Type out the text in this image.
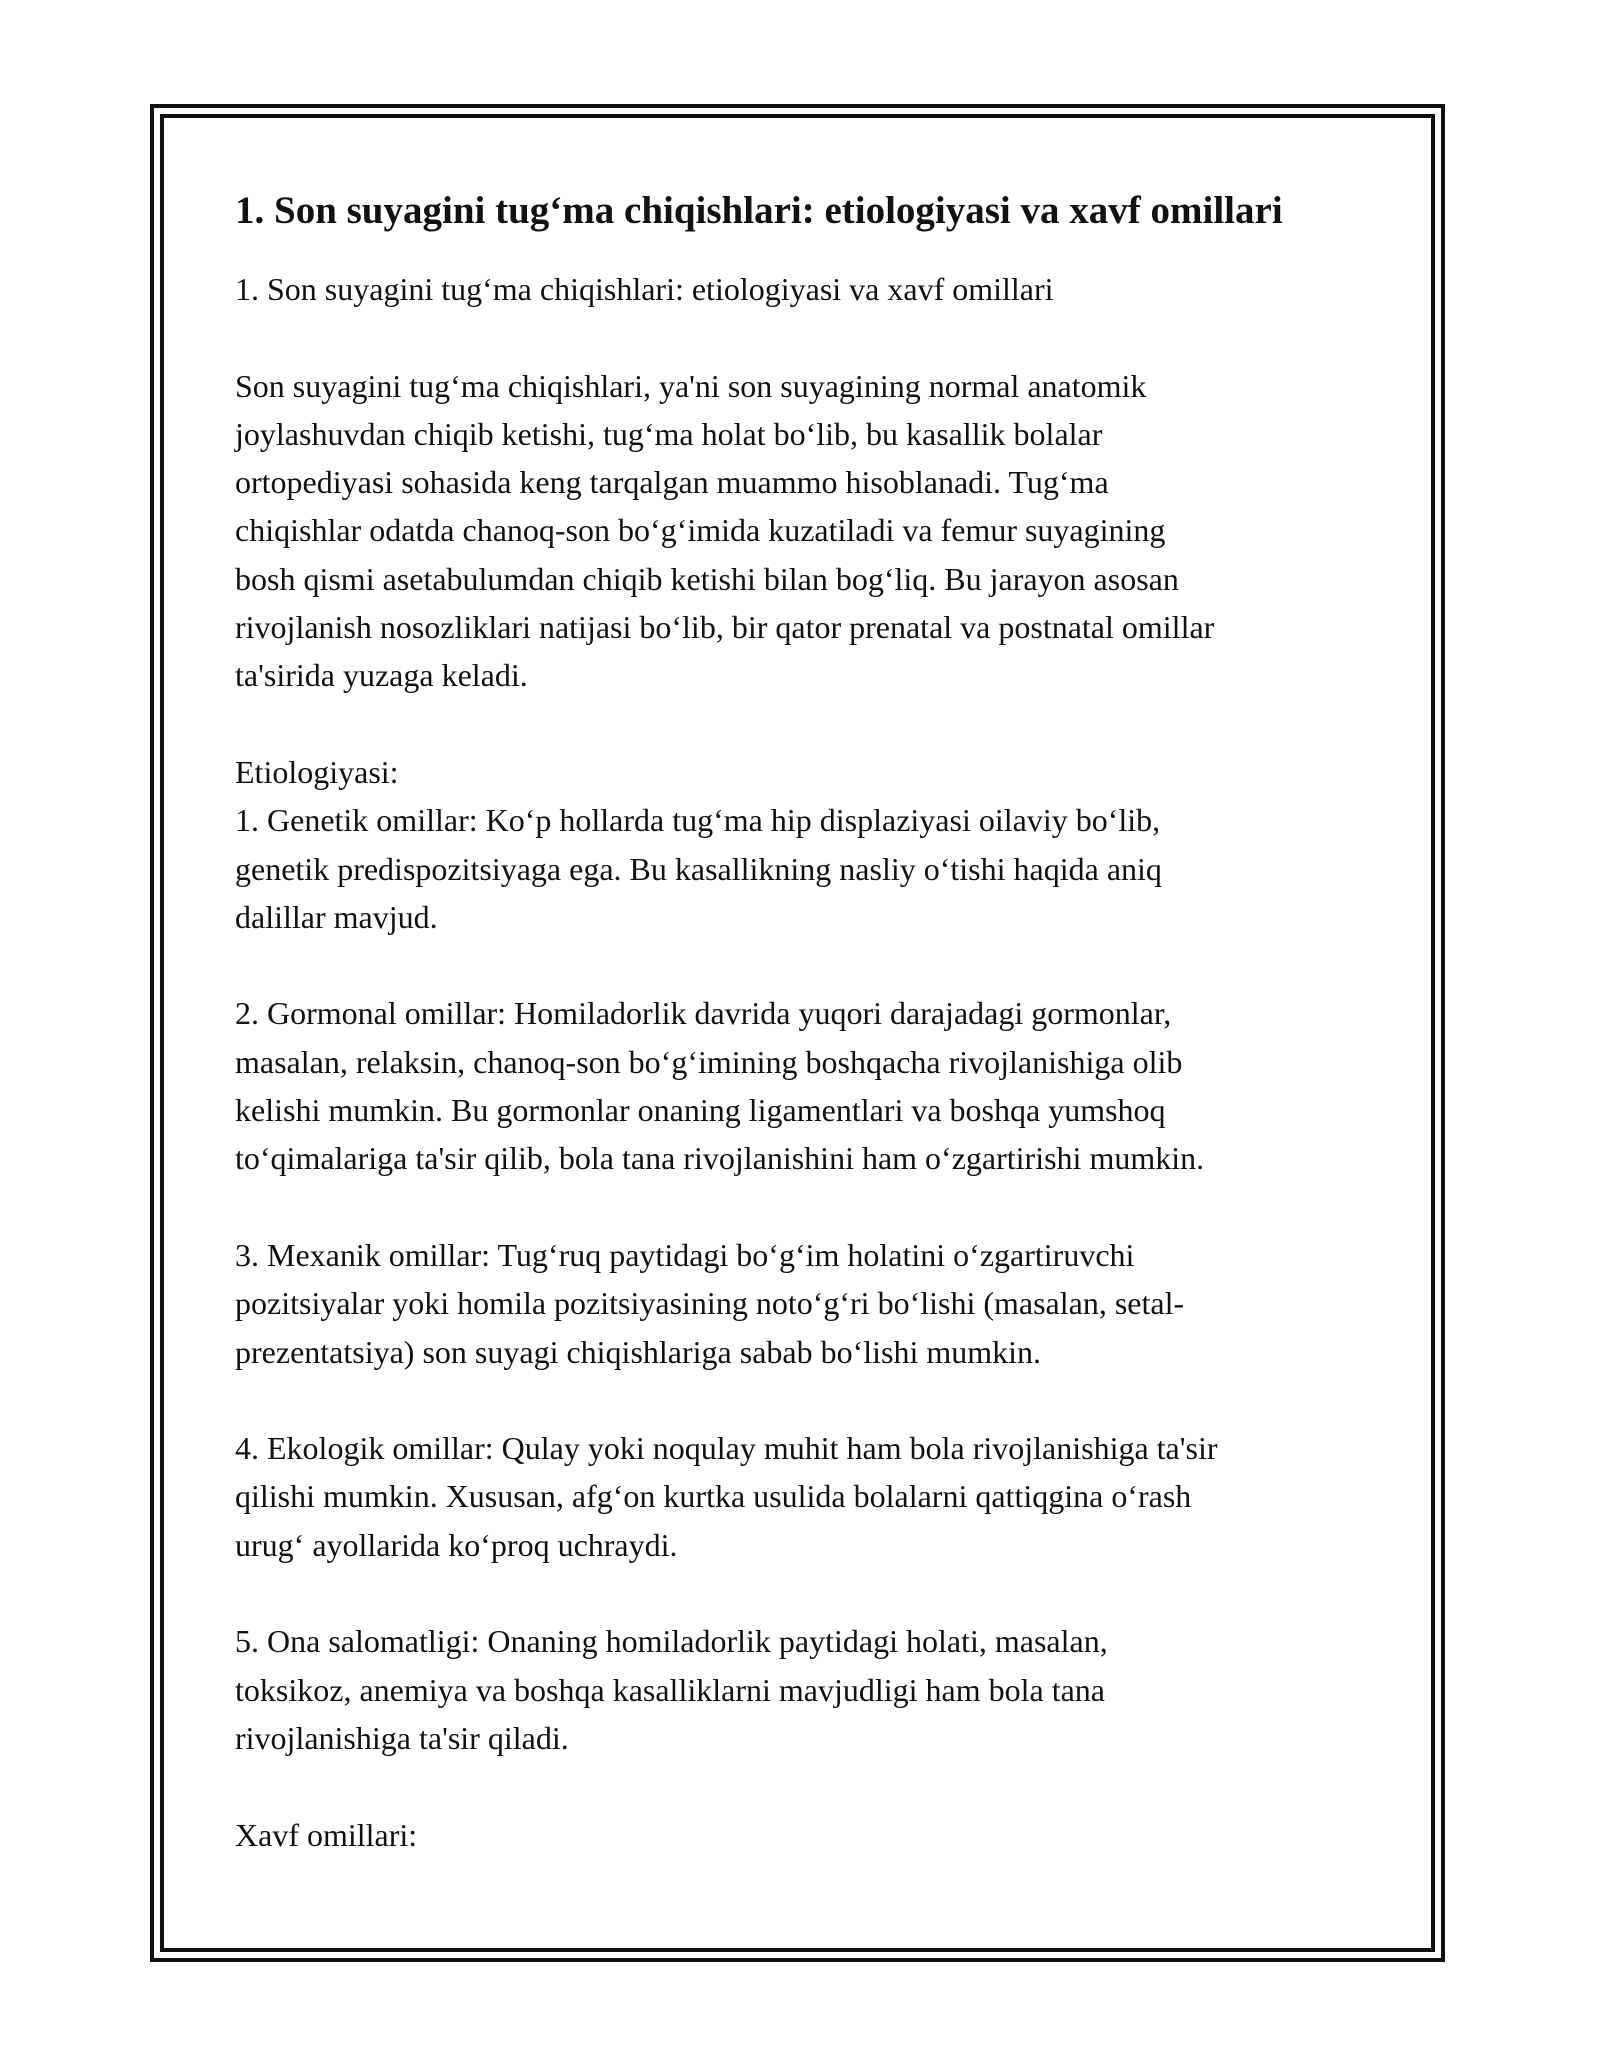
1. Son suyagini tug‘ma chiqishlari: etiologiyasi va xavf omillari

1. Son suyagini tug‘ma chiqishlari: etiologiyasi va xavf omillari

Son suyagini tug‘ma chiqishlari, ya'ni son suyagining normal anatomik
joylashuvdan chiqib ketishi, tug‘ma holat bo‘lib, bu kasallik bolalar
ortopediyasi sohasida keng tarqalgan muammo hisoblanadi. Tug‘ma
chiqishlar odatda chanoq-son bo‘g‘imida kuzatiladi va femur suyagining
bosh qismi asetabulumdan chiqib ketishi bilan bog‘liq. Bu jarayon asosan
rivojlanish nosozliklari natijasi bo‘lib, bir qator prenatal va postnatal omillar
ta'sirida yuzaga keladi.

Etiologiyasi:

1. Genetik omillar: Ko‘p hollarda tug‘ma hip displaziyasi oilaviy bo‘lib,
genetik predispozitsiyaga ega. Bu kasallikning nasliy o‘tishi haqida aniq
dalillar mavjud.

2. Gormonal omillar: Homiladorlik davrida yuqori darajadagi gormonlar,
masalan, relaksin, chanoq-son bo‘g‘imining boshqacha rivojlanishiga olib
kelishi mumkin. Bu gormonlar onaning ligamentlari va boshqa yumshoq
to‘qimalariga ta'sir qilib, bola tana rivojlanishini ham o‘zgartirishi mumkin.

3. Mexanik omillar: Tug‘ruq paytidagi bo‘g‘im holatini o‘zgartiruvchi
pozitsiyalar yoki homila pozitsiyasining noto‘g‘ri bo‘lishi (masalan, setal-
prezentatsiya) son suyagi chiqishlariga sabab bo‘lishi mumkin.

4. Ekologik omillar: Qulay yoki noqulay muhit ham bola rivojlanishiga ta'sir
qilishi mumkin. Xususan, afg‘on kurtka usulida bolalarni qattiqgina o‘rash
urug‘ ayollarida ko‘proq uchraydi.

5. Ona salomatligi: Onaning homiladorlik paytidagi holati, masalan,
toksikoz, anemiya va boshqa kasalliklarni mavjudligi ham bola tana
rivojlanishiga ta'sir qiladi.

Xavf omillari:
